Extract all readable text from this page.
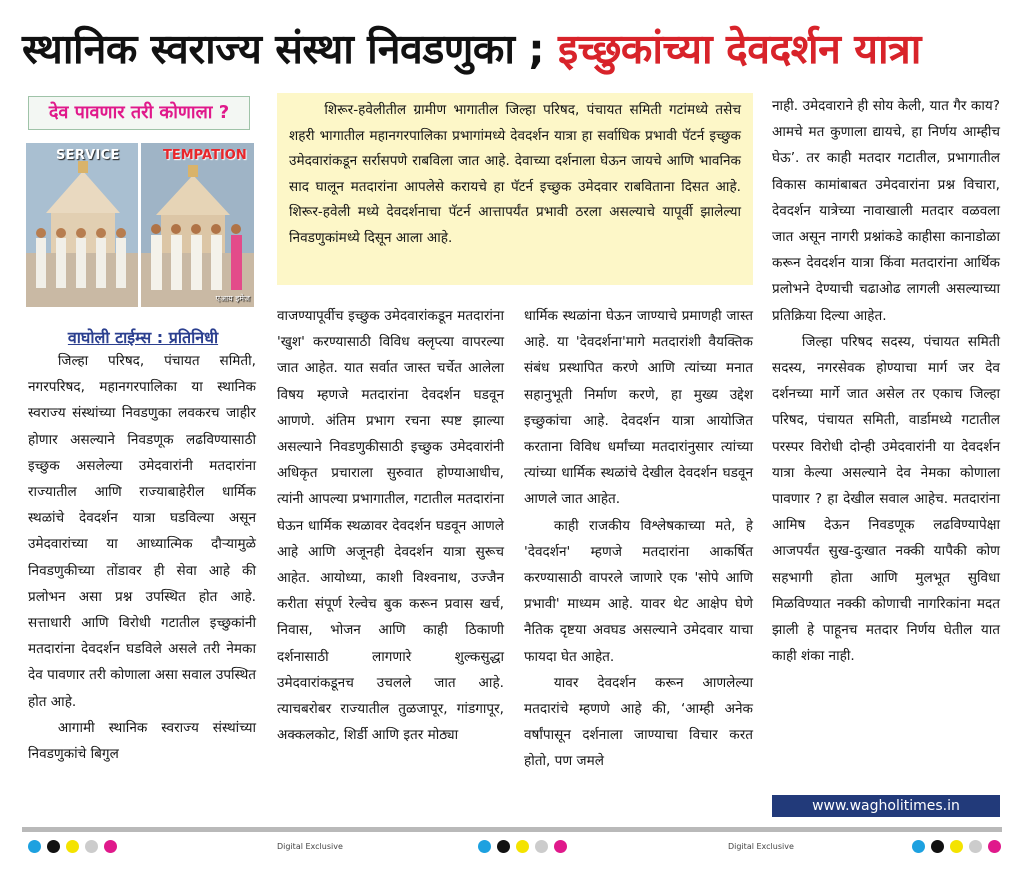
स्थानिक स्वराज्य संस्था निवडणुका ; इच्छुकांच्या देवदर्शन यात्रा
देव पावणार तरी कोणाला ?
SERVICE	TEMPATION
एआय इमेज
वाघोली टाईम्स : प्रतिनिधी

जिल्हा परिषद, पंचायत समिती, नगरपरिषद, महानगरपालिका या स्थानिक स्वराज्य संस्थांच्या निवडणुका लवकरच जाहीर होणार असल्याने निवडणूक लढविण्यासाठी इच्छुक असलेल्या उमेदवारांनी मतदारांना राज्यातील आणि राज्याबाहेरील धार्मिक स्थळांचे देवदर्शन यात्रा घडविल्या असून उमेदवारांच्या या आध्यात्मिक दौऱ्यामुळे निवडणुकीच्या तोंडावर ही सेवा आहे की प्रलोभन असा प्रश्न उपस्थित होत आहे. सत्ताधारी आणि विरोधी गटातील इच्छुकांनी मतदारांना देवदर्शन घडविले असले तरी नेमका देव पावणार तरी कोणाला असा सवाल उपस्थित होत आहे.

आगामी स्थानिक स्वराज्य संस्थांच्या निवडणुकांचे बिगुल

शिरूर-हवेलीतील ग्रामीण भागातील जिल्हा परिषद, पंचायत समिती गटांमध्ये तसेच शहरी भागातील महानगरपालिका प्रभागांमध्ये देवदर्शन यात्रा हा सर्वाधिक प्रभावी पॅटर्न इच्छुक उमेदवारांकडून सर्रासपणे राबविला जात आहे. देवाच्या दर्शनाला घेऊन जायचे आणि भावनिक साद घालून मतदारांना आपलेसे करायचे हा पॅटर्न इच्छुक उमेदवार राबविताना दिसत आहे. शिरूर-हवेली मध्ये देवदर्शनाचा पॅटर्न आत्तापर्यंत प्रभावी ठरला असल्याचे यापूर्वी झालेल्या निवडणुकांमध्ये दिसून आला आहे.

वाजण्यापूर्वीच इच्छुक उमेदवारांकडून मतदारांना 'खुश' करण्यासाठी विविध क्लृप्त्या वापरल्या जात आहेत. यात सर्वात जास्त चर्चेत आलेला विषय म्हणजे मतदारांना देवदर्शन घडवून आणणे. अंतिम प्रभाग रचना स्पष्ट झाल्या असल्याने निवडणुकीसाठी इच्छुक उमेदवारांनी अधिकृत प्रचाराला सुरुवात होण्याआधीच, त्यांनी आपल्या प्रभागातील, गटातील मतदारांना घेऊन धार्मिक स्थळावर देवदर्शन घडवून आणले आहे आणि अजूनही देवदर्शन यात्रा सुरूच आहेत. आयोध्या, काशी विश्वनाथ, उज्जैन करीता संपूर्ण रेल्वेच बुक करून प्रवास खर्च, निवास, भोजन आणि काही ठिकाणी दर्शनासाठी लागणारे शुल्कसुद्धा उमेदवारांकडूनच उचलले जात आहे. त्याचबरोबर राज्यातील तुळजापूर, गांडगापूर, अक्कलकोट, शिर्डी आणि इतर मोठ्या

धार्मिक स्थळांना घेऊन जाण्याचे प्रमाणही जास्त आहे. या 'देवदर्शना'मागे मतदारांशी वैयक्तिक संबंध प्रस्थापित करणे आणि त्यांच्या मनात सहानुभूती निर्माण करणे, हा मुख्य उद्देश इच्छुकांचा आहे. देवदर्शन यात्रा आयोजित करताना विविध धर्मांच्या मतदारांनुसार त्यांच्या त्यांच्या धार्मिक स्थळांचे देखील देवदर्शन घडवून आणले जात आहेत.

काही राजकीय विश्लेषकाच्या मते, हे 'देवदर्शन' म्हणजे मतदारांना आकर्षित करण्यासाठी वापरले जाणारे एक 'सोपे आणि प्रभावी' माध्यम आहे. यावर थेट आक्षेप घेणे नैतिक दृष्टया अवघड असल्याने उमेदवार याचा फायदा घेत आहेत.

यावर देवदर्शन करून आणलेल्या मतदारांचे म्हणणे आहे की, ‘आम्ही अनेक वर्षांपासून दर्शनाला जाण्याचा विचार करत होतो, पण जमले

नाही. उमेदवाराने ही सोय केली, यात गैर काय? आमचे मत कुणाला द्यायचे, हा निर्णय आम्हीच घेऊ’. तर काही मतदार गटातील, प्रभागातील विकास कामांबाबत उमेदवारांना प्रश्न विचारा, देवदर्शन यात्रेच्या नावाखाली मतदार वळवला जात असून नागरी प्रश्नांकडे काहीसा कानाडोळा करून देवदर्शन यात्रा किंवा मतदारांना आर्थिक प्रलोभने देण्याची चढाओढ लागली असल्याच्या प्रतिक्रिया दिल्या आहेत.

जिल्हा परिषद सदस्य, पंचायत समिती सदस्य, नगरसेवक होण्याचा मार्ग जर देव दर्शनच्या मार्गे जात असेल तर एकाच जिल्हा परिषद, पंचायत समिती, वार्डामध्ये गटातील परस्पर विरोधी दोन्ही उमेदवारांनी या देवदर्शन यात्रा केल्या असल्याने देव नेमका कोणाला पावणार ? हा देखील सवाल आहेच. मतदारांना आमिष देऊन निवडणूक लढविण्यापेक्षा आजपर्यंत सुख-दुःखात नक्की यापैकी कोण सहभागी होता आणि मुलभूत सुविधा मिळविण्यात नक्की कोणाची नागरिकांना मदत झाली हे पाहूनच मतदार निर्णय घेतील यात काही शंका नाही.

www.wagholitimes.in
Digital Exclusive	Digital Exclusive
